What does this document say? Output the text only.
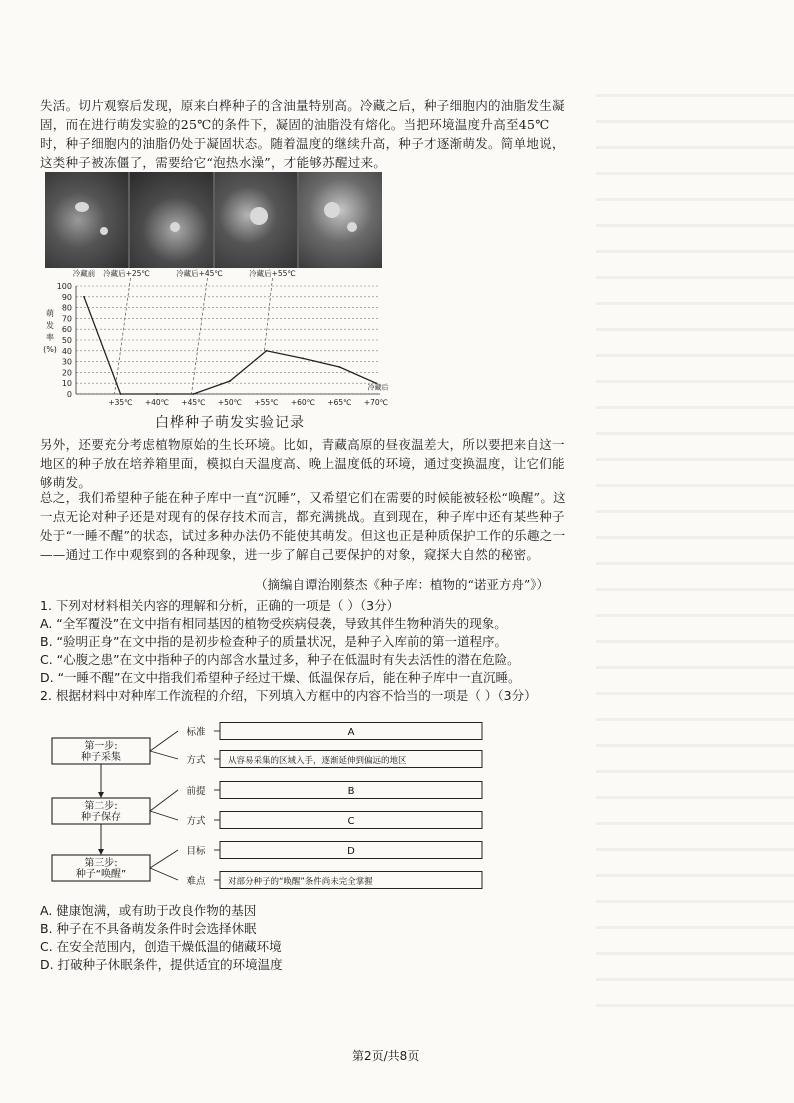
失活。切片观察后发现，原来白桦种子的含油量特别高。冷藏之后，种子细胞内的油脂发生凝固，而在进行萌发实验的25℃的条件下，凝固的油脂没有熔化。当把环境温度升高至45℃时，种子细胞内的油脂仍处于凝固状态。随着温度的继续升高，种子才逐渐萌发。简单地说，这类种子被冻僵了，需要给它“泡热水澡”，才能够苏醒过来。

0
10
20
30
40
50
60
70
80
90
100
+35℃ +40℃ +45℃ +50℃ +55℃ +60℃ +65℃ +70℃
萌
发
率
(%)
冷藏前 冷藏后+25℃	冷藏后+45℃	冷藏后+55℃
冷藏后
白桦种子萌发实验记录

另外，还要充分考虑植物原始的生长环境。比如，青藏高原的昼夜温差大，所以要把来自这一地区的种子放在培养箱里面，模拟白天温度高、晚上温度低的环境，通过变换温度，让它们能够萌发。

总之，我们希望种子能在种子库中一直“沉睡”，又希望它们在需要的时候能被轻松“唤醒”。这一点无论对种子还是对现有的保存技术而言，都充满挑战。直到现在，种子库中还有某些种子处于“一睡不醒”的状态，试过多种办法仍不能使其萌发。但这也正是种质保护工作的乐趣之一——通过工作中观察到的各种现象，进一步了解自己要保护的对象，窥探大自然的秘密。

（摘编自谭治刚蔡杰《种子库：植物的“诺亚方舟”》）
1. 下列对材料相关内容的理解和分析，正确的一项是（ ）（3分）
A. “全军覆没”在文中指有相同基因的植物受疾病侵袭，导致其伴生物种消失的现象。
B. “验明正身”在文中指的是初步检查种子的质量状况，是种子入库前的第一道程序。
C. “心腹之患”在文中指种子的内部含水量过多，种子在低温时有失去活性的潜在危险。
D. “一睡不醒”在文中指我们希望种子经过干燥、低温保存后，能在种子库中一直沉睡。
2. 根据材料中对种库工作流程的介绍，下列填入方框中的内容不恰当的一项是（ ）（3分）
第一步:
种子采集
第二步:
种子保存
第三步:
种子“唤醒”
标准	A
方式	从容易采集的区域入手，逐渐延伸到偏远的地区
前提	B
方式	C
目标	D
难点	对部分种子的“唤醒”条件尚未完全掌握
A. 健康饱满，或有助于改良作物的基因
B. 种子在不具备萌发条件时会选择休眠
C. 在安全范围内，创造干燥低温的储藏环境
D. 打破种子休眠条件，提供适宜的环境温度
第2页/共8页
